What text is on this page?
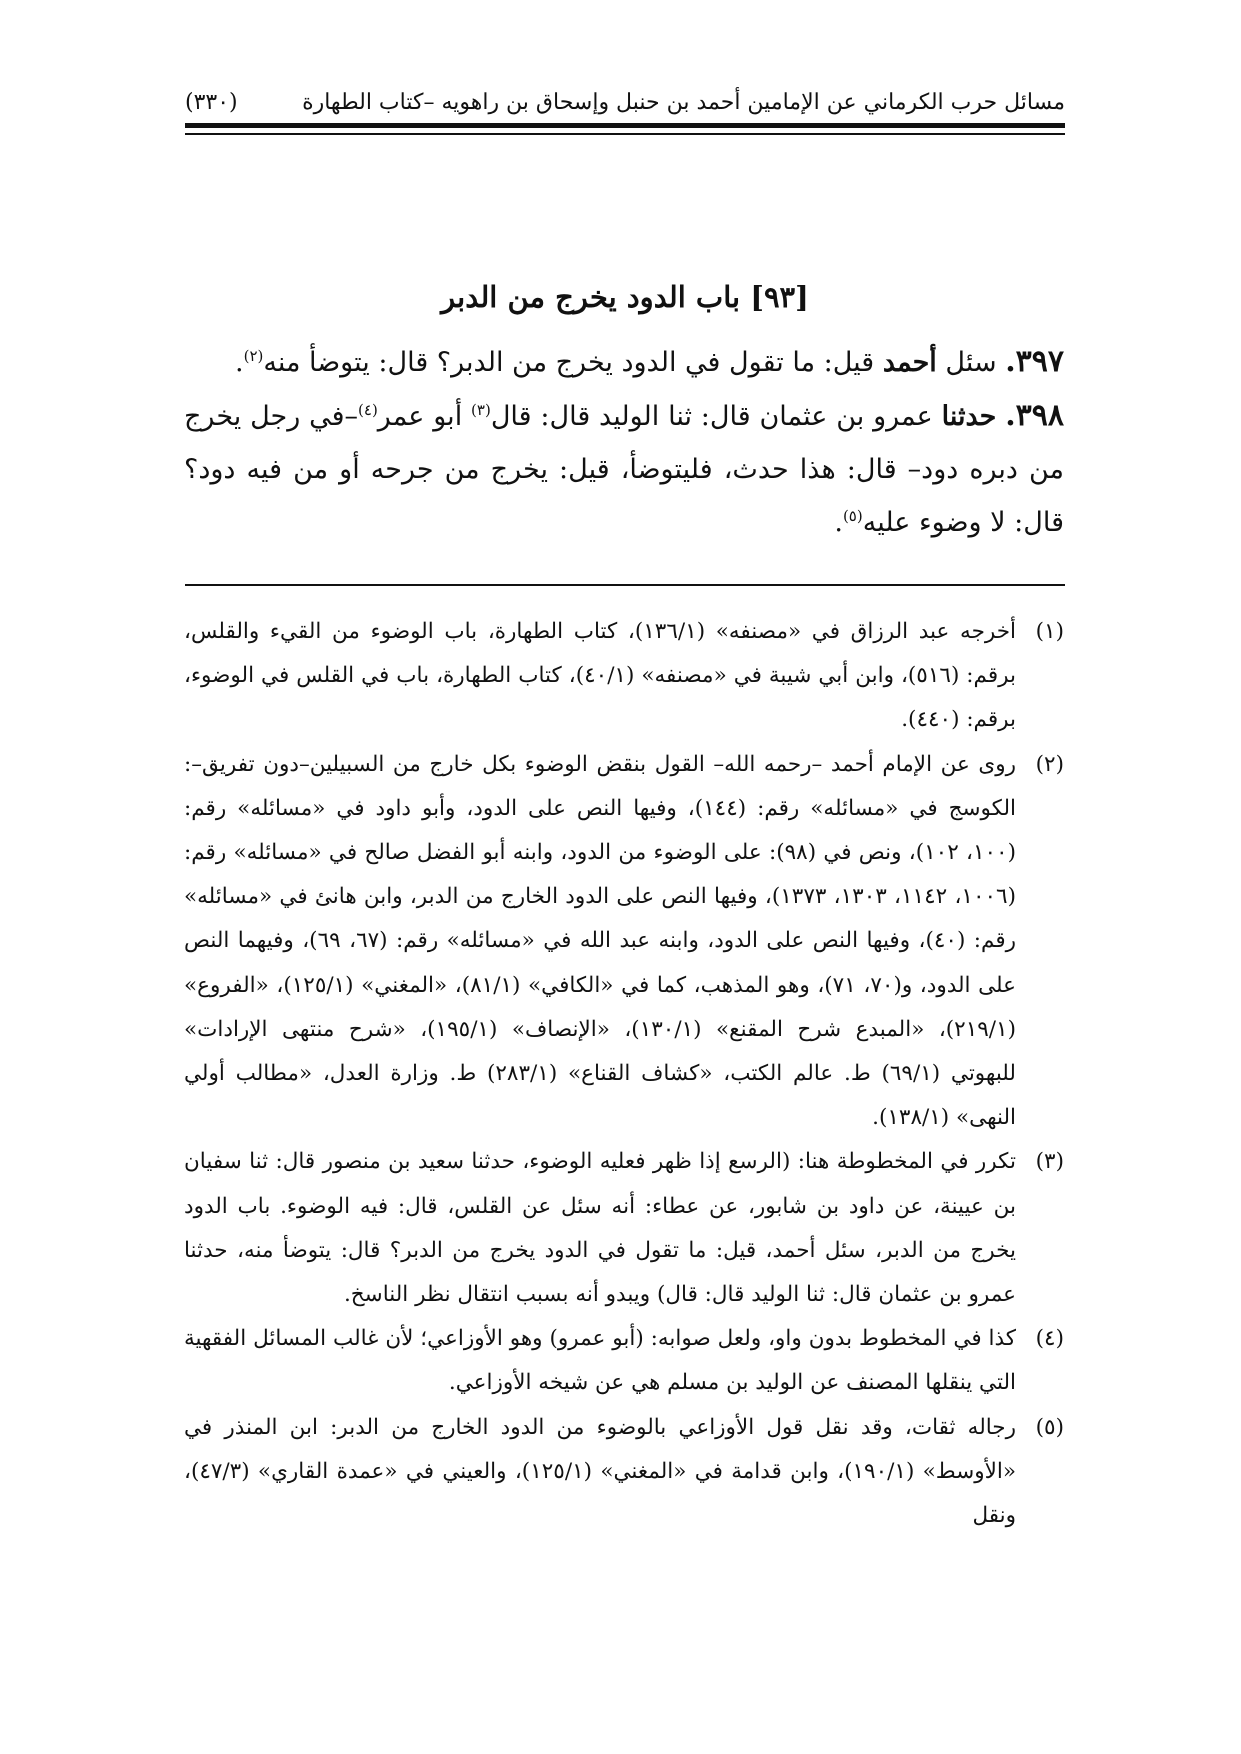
مسائل حرب الكرماني عن الإمامين أحمد بن حنبل وإسحاق بن راهويه –كتاب الطهارة
(٣٣٠)
[٩٣] باب الدود يخرج من الدبر

٣٩٧. سئل أحمد قيل: ما تقول في الدود يخرج من الدبر؟ قال: يتوضأ منه$^{(٢)}$.

٣٩٨. حدثنا عمرو بن عثمان قال: ثنا الوليد قال: قال$^{(٣)}$ أبو عمر$^{(٤)}$–في رجل يخرج من دبره دود– قال: هذا حدث، فليتوضأ، قيل: يخرج من جرحه أو من فيه دود؟ قال: لا وضوء عليه$^{(٥)}$.

(١)أخرجه عبد الرزاق في «مصنفه» (١٣٦/١)، كتاب الطهارة، باب الوضوء من القيء والقلس، برقم: (٥١٦)، وابن أبي شيبة في «مصنفه» (٤٠/١)، كتاب الطهارة، باب في القلس في الوضوء، برقم: (٤٤٠).

(٢)روى عن الإمام أحمد –رحمه الله– القول بنقض الوضوء بكل خارج من السبيلين–دون تفريق–: الكوسج في «مسائله» رقم: (١٤٤)، وفيها النص على الدود، وأبو داود في «مسائله» رقم: (١٠٠، ١٠٢)، ونص في (٩٨): على الوضوء من الدود، وابنه أبو الفضل صالح في «مسائله» رقم: (١٠٠٦، ١١٤٢، ١٣٠٣، ١٣٧٣)، وفيها النص على الدود الخارج من الدبر، وابن هانئ في «مسائله» رقم: (٤٠)، وفيها النص على الدود، وابنه عبد الله في «مسائله» رقم: (٦٧، ٦٩)، وفيهما النص على الدود، و(٧٠، ٧١)، وهو المذهب، كما في «الكافي» (٨١/١)، «المغني» (١٢٥/١)، «الفروع» (٢١٩/١)، «المبدع شرح المقنع» (١٣٠/١)، «الإنصاف» (١٩٥/١)، «شرح منتهى الإرادات» للبهوتي (٦٩/١) ط. عالم الكتب، «كشاف القناع» (٢٨٣/١) ط. وزارة العدل، «مطالب أولي النهى» (١٣٨/١).

(٣)تكرر في المخطوطة هنا: (الرسع إذا ظهر فعليه الوضوء، حدثنا سعيد بن منصور قال: ثنا سفيان بن عيينة، عن داود بن شابور، عن عطاء: أنه سئل عن القلس، قال: فيه الوضوء. باب الدود يخرج من الدبر، سئل أحمد، قيل: ما تقول في الدود يخرج من الدبر؟ قال: يتوضأ منه، حدثنا عمرو بن عثمان قال: ثنا الوليد قال: قال) ويبدو أنه بسبب انتقال نظر الناسخ.

(٤)كذا في المخطوط بدون واو، ولعل صوابه: (أبو عمرو) وهو الأوزاعي؛ لأن غالب المسائل الفقهية التي ينقلها المصنف عن الوليد بن مسلم هي عن شيخه الأوزاعي.

(٥)رجاله ثقات، وقد نقل قول الأوزاعي بالوضوء من الدود الخارج من الدبر: ابن المنذر في «الأوسط» (١٩٠/١)، وابن قدامة في «المغني» (١٢٥/١)، والعيني في «عمدة القاري» (٤٧/٣)، ونقل
